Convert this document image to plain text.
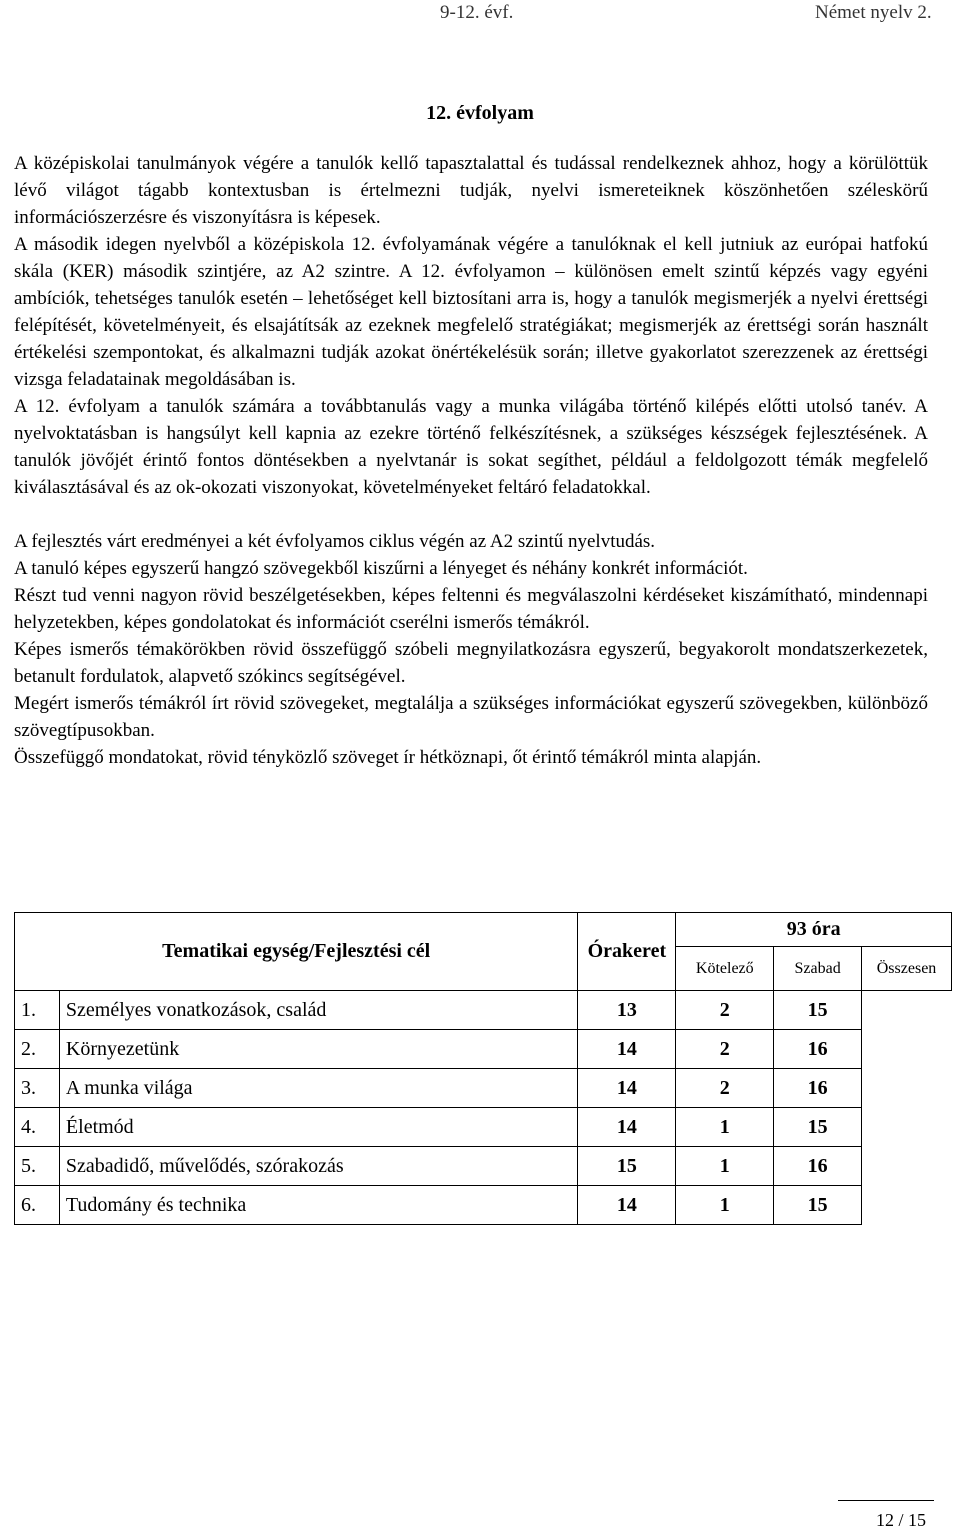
9-12. évf.	Német nyelv 2.
12. évfolyam

A középiskolai tanulmányok végére a tanulók kellő tapasztalattal és tudással rendelkeznek ahhoz, hogy a körülöttük lévő világot tágabb kontextusban is értelmezni tudják, nyelvi ismereteiknek köszönhetően széleskörű információszerzésre és viszonyításra is képesek.

A második idegen nyelvből a középiskola 12. évfolyamának végére a tanulóknak el kell jutniuk az európai hatfokú skála (KER) második szintjére, az A2 szintre. A 12. évfolyamon – különösen emelt szintű képzés vagy egyéni ambíciók, tehetséges tanulók esetén – lehetőséget kell biztosítani arra is, hogy a tanulók megismerjék a nyelvi érettségi felépítését, követelményeit, és elsajátítsák az ezeknek megfelelő stratégiákat; megismerjék az érettségi során használt értékelési szempontokat, és alkalmazni tudják azokat önértékelésük során; illetve gyakorlatot szerezzenek az érettségi vizsga feladatainak megoldásában is.

A 12. évfolyam a tanulók számára a továbbtanulás vagy a munka világába történő kilépés előtti utolsó tanév. A nyelvoktatásban is hangsúlyt kell kapnia az ezekre történő felkészítésnek, a szükséges készségek fejlesztésének. A tanulók jövőjét érintő fontos döntésekben a nyelvtanár is sokat segíthet, például a feldolgozott témák megfelelő kiválasztásával és az ok-okozati viszonyokat, követelményeket feltáró feladatokkal.

A fejlesztés várt eredményei a két évfolyamos ciklus végén az A2 szintű nyelvtudás.

A tanuló képes egyszerű hangzó szövegekből kiszűrni a lényeget és néhány konkrét információt.

Részt tud venni nagyon rövid beszélgetésekben, képes feltenni és megválaszolni kérdéseket kiszámítható, mindennapi helyzetekben, képes gondolatokat és információt cserélni ismerős témákról.

Képes ismerős témakörökben rövid összefüggő szóbeli megnyilatkozásra egyszerű, begyakorolt mondatszerkezetek, betanult fordulatok, alapvető szókincs segítségével.

Megért ismerős témákról írt rövid szövegeket, megtalálja a szükséges információkat egyszerű szövegekben, különböző szövegtípusokban.

Összefüggő mondatokat, rövid tényközlő szöveget ír hétköznapi, őt érintő témákról minta alapján.

Tematikai egység/Fejlesztési cél		Órakeret	93 óra		
			Kötelező	Szabad	Összesen
1.	Személyes vonatkozások, család	13	2	15	
2.	Környezetünk	14	2	16	
3.	A munka világa	14	2	16	
4.	Életmód	14	1	15	
5.	Szabadidő, művelődés, szórakozás	15	1	16	
6.	Tudomány és technika	14	1	15	
12 / 15
